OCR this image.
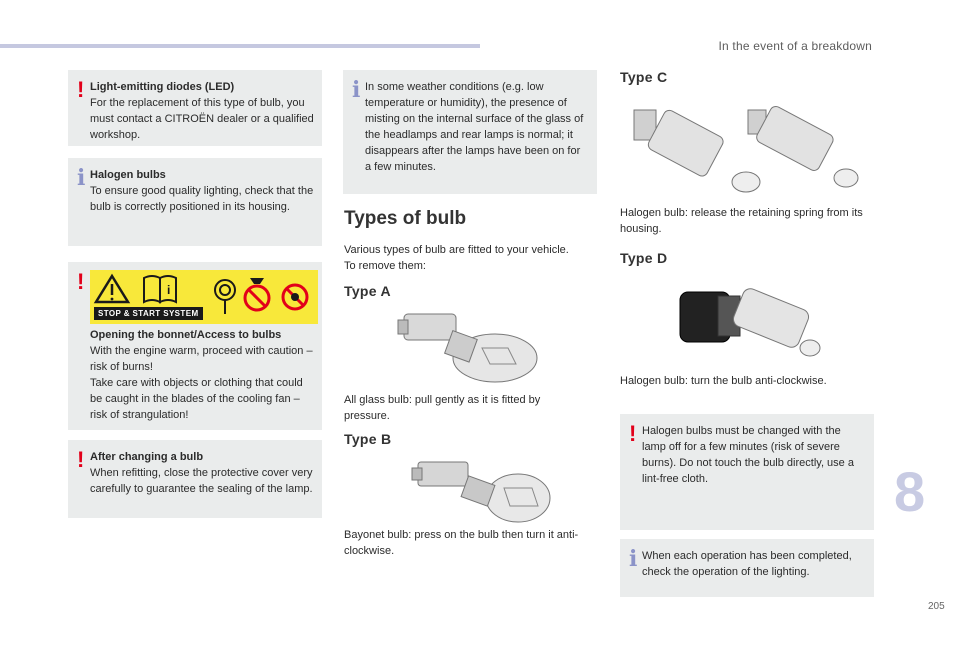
In the event of a breakdown
! Light-emitting diodes (LED)
For the replacement of this type of bulb, you must contact a CITROËN dealer or a qualified workshop.
i Halogen bulbs
To ensure good quality lighting, check that the bulb is correctly positioned in its housing.
!
Opening the bonnet/Access to bulbs
With the engine warm, proceed with caution – risk of burns!
Take care with objects or clothing that could be caught in the blades of the cooling fan – risk of strangulation!
i
STOP & START SYSTEM
! After changing a bulb
When refitting, close the protective cover very carefully to guarantee the sealing of the lamp.
i In some weather conditions (e.g. low temperature or humidity), the presence of misting on the internal surface of the glass of the headlamps and rear lamps is normal; it disappears after the lamps have been on for a few minutes.
Types of bulb
Various types of bulb are fitted to your vehicle.
To remove them:
Type A
All glass bulb: pull gently as it is fitted by pressure.
Type B
Bayonet bulb: press on the bulb then turn it anti-clockwise.
Type C
Halogen bulb: release the retaining spring from its housing.
Type D
Halogen bulb: turn the bulb anti-clockwise.
! Halogen bulbs must be changed with the lamp off for a few minutes (risk of severe burns). Do not touch the bulb directly, use a lint-free cloth.
i When each operation has been completed, check the operation of the lighting.
8
205
